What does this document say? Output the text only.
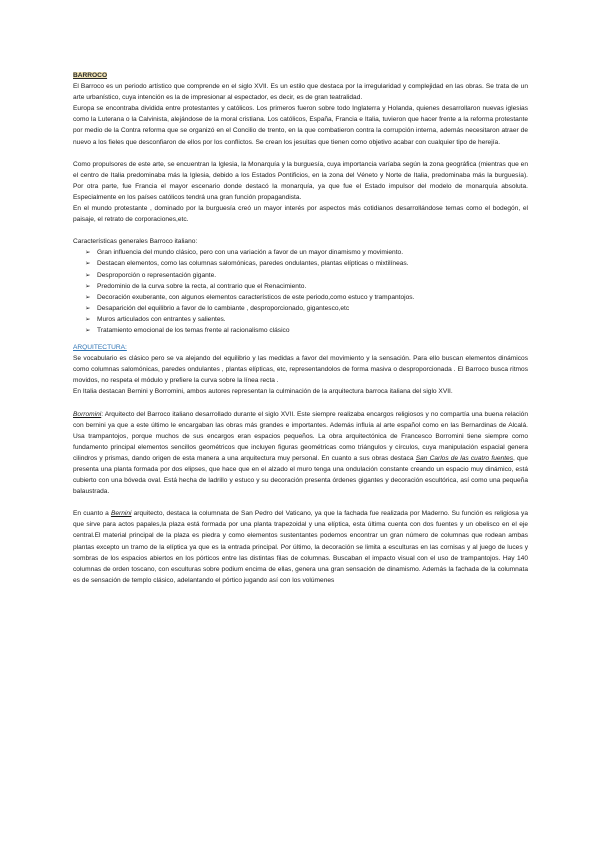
BARROCO

El Barroco es un periodo artístico que comprende en el siglo XVII. Es un estilo que destaca por la irregularidad y complejidad en las obras. Se trata de un arte urbanístico, cuya intención es la de impresionar al espectador, es decir, es de gran teatralidad.

Europa se encontraba dividida entre protestantes y católicos. Los primeros fueron sobre todo Inglaterra y Holanda, quienes desarrollaron nuevas iglesias como la Luterana o la Calvinista, alejándose de la moral cristiana. Los católicos, España, Francia e Italia, tuvieron que hacer frente a la reforma protestante por medio de la Contra reforma que se organizó en el Concilio de trento, en la que combatieron contra la corrupción interna, además necesitaron atraer de nuevo a los fieles que desconfiaron de ellos por los conflictos. Se crean los jesuitas que tienen como objetivo acabar con cualquier tipo de herejía.

Como propulsores de este arte, se encuentran la Iglesia, la Monarquía y la burguesía, cuya importancia varíaba según la zona geográfica (mientras que en el centro de Italia predominaba más la Iglesia, debido a los Estados Pontificios, en la zona del Véneto y Norte de Italia, predominaba más la burguesía). Por otra parte, fue Francia el mayor escenario donde destacó la monarquía, ya que fue el Estado impulsor del modelo de monarquía absoluta. Especialmente en los países católicos tendrá una gran función propagandista.

En el mundo protestante , dominado por la burguesía creó un mayor interés por aspectos más cotidianos desarrollándose temas como el bodegón, el paisaje, el retrato de corporaciones,etc.

Características generales Barroco italiano:

➢ Gran influencia del mundo clásico, pero con una variación a favor de un mayor dinamismo y movimiento.
➢ Destacan elementos, como las columnas salomónicas, paredes ondulantes, plantas elípticas o mixtilíneas.
➢ Desproporción o representación gigante.
➢ Predominio de la curva sobre la recta, al contrario que el Renacimiento.
➢ Decoración exuberante, con algunos elementos característicos de este periodo,como estuco y trampantojos.
➢ Desaparición del equilibrio a favor de lo cambiante , desproporcionado, gigantesco,etc
➢ Muros articulados con entrantes y salientes.
➢ Tratamiento emocional de los temas frente al racionalismo clásico

ARQUITECTURA:

Se vocabulario es clásico pero se va alejando del equilibrio y las medidas a favor del movimiento y la sensación. Para ello buscan elementos dinámicos como columnas salomónicas, paredes ondulantes , plantas elípticas, etc, representandolos de forma masiva o desproporcionada . El Barroco busca ritmos movidos, no respeta el módulo y prefiere la curva sobre la línea recta .

En Italia destacan Bernini y Borromini, ambos autores representan la culminación de la arquitectura barroca italiana del siglo XVII.

Borromini: Arquitecto del Barroco italiano desarrollado durante el siglo XVII. Este siempre realizaba encargos religiosos y no compartía una buena relación con bernini ya que a este último le encargaban las obras más grandes e importantes. Además influía al arte español como en las Bernardinas de Alcalá. Usa trampantojos, porque muchos de sus encargos eran espacios pequeños. La obra arquitectónica de Francesco Borromini tiene siempre como fundamento principal elementos sencillos geométricos que incluyen figuras geométricas como triángulos y círculos, cuya manipulación espacial genera cilindros y prismas, dando origen de esta manera a una arquitectura muy personal. En cuanto a sus obras destaca San Carlos de las cuatro fuentes, que presenta una planta formada por dos elipses, que hace que en el alzado el muro tenga una ondulación constante creando un espacio muy dinámico, está cubierto con una bóveda oval. Está hecha de ladrillo y estuco y su decoración presenta órdenes gigantes y decoración escultórica, así como una pequeña balaustrada.

En cuanto a Bernini arquitecto, destaca la columnata de San Pedro del Vaticano, ya que la fachada fue realizada por Maderno. Su función es religiosa ya que sirve para actos papales,la plaza está formada por una planta trapezoidal y una elíptica, esta última cuenta con dos fuentes y un obelisco en el eje central.El material principal de la plaza es piedra y como elementos sustentantes podemos encontrar un gran número de columnas que rodean ambas plantas excepto un tramo de la elíptica ya que es la entrada principal. Por último, la decoración se limita a esculturas en las cornisas y al juego de luces y sombras de los espacios abiertos en los pórticos entre las distintas filas de columnas. Buscaban el impacto visual con el uso de trampantojos. Hay 140 columnas de orden toscano, con esculturas sobre podium encima de ellas, genera una gran sensación de dinamismo. Además la fachada de la columnata es de sensación de templo clásico, adelantando el pórtico jugando así con los volúmenes
